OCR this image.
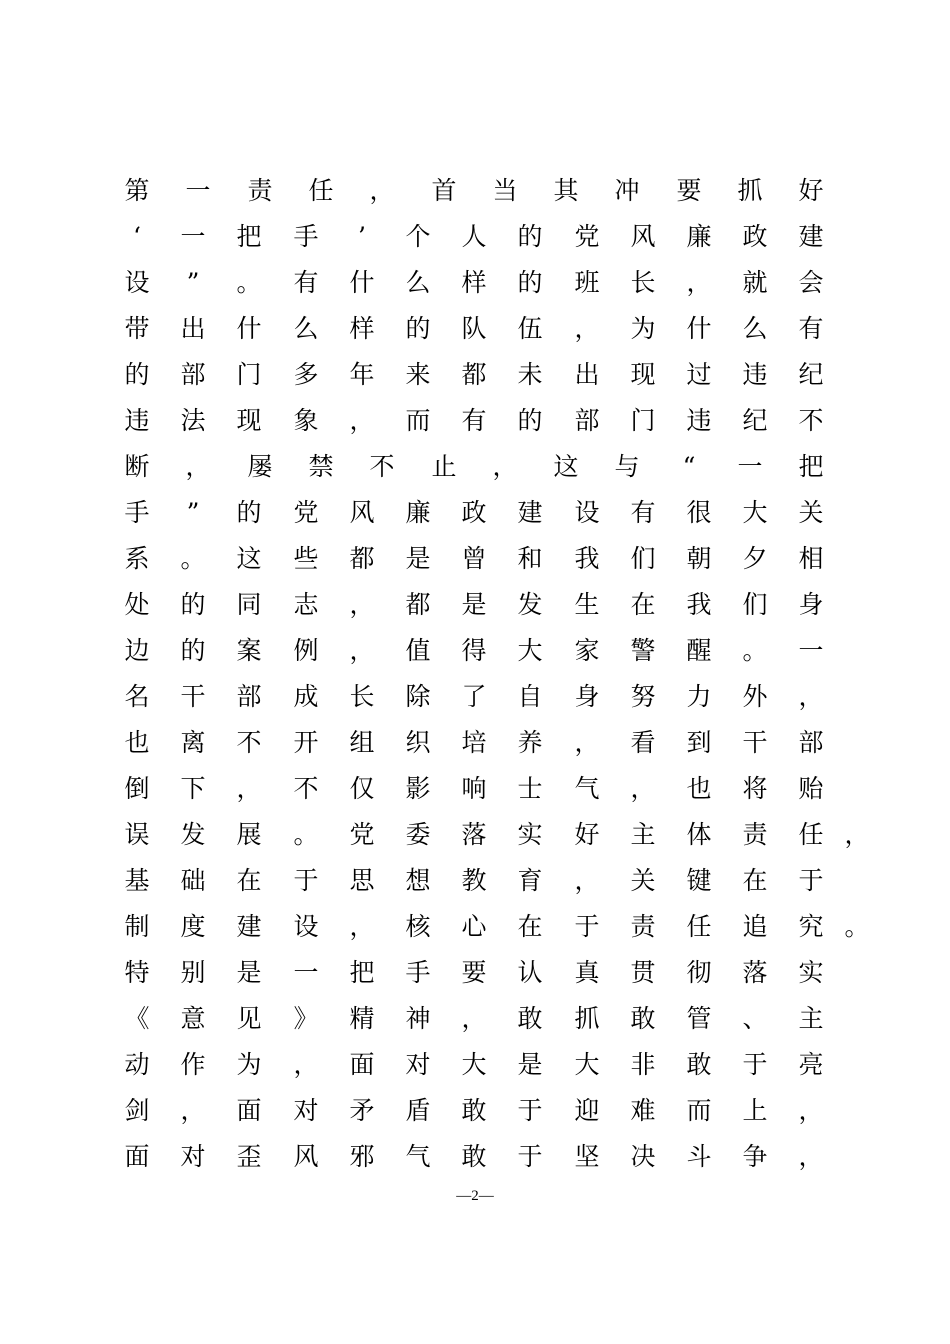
第 一 责 任 ， 首 当 其 冲 要 抓 好
‘	一 把 手	’	个 人 的 党 风 廉 政 建
设	”	。 有 什 么 样 的 班 长 ， 就 会
带 出 什 么 样 的 队 伍 ， 为 什 么 有
的 部 门 多 年 来 都 未 出 现 过 违 纪
违 法 现 象 ， 而 有 的 部 门 违 纪 不
断 ， 屡 禁 不 止 ， 这 与	“	一 把
手	”	的 党 风 廉 政 建 设 有 很 大 关
系 。 这 些 都 是 曾 和 我 们 朝 夕 相
处 的 同 志 ， 都 是 发 生 在 我 们 身
边 的 案 例 ， 值 得 大 家 警 醒 。 一
名 干 部 成 长 除 了 自 身 努 力 外 ，
也 离 不 开 组 织 培 养 ， 看 到 干 部
倒 下 ， 不 仅 影 响 士 气 ， 也 将 贻
误 发 展 。 党 委 落 实 好 主 体 责 任 ，
基 础 在 于 思 想 教 育 ， 关 键 在 于
制 度 建 设 ， 核 心 在 于 责 任 追 究 。
特 别 是 一 把 手 要 认 真 贯 彻 落 实
《 意 见 》 精 神 ， 敢 抓 敢 管 、 主
动 作 为 ， 面 对 大 是 大 非 敢 于 亮
剑 ， 面 对 矛 盾 敢 于 迎 难 而 上 ，
面 对 歪 风 邪 气 敢 于 坚 决 斗 争 ，
—2—
